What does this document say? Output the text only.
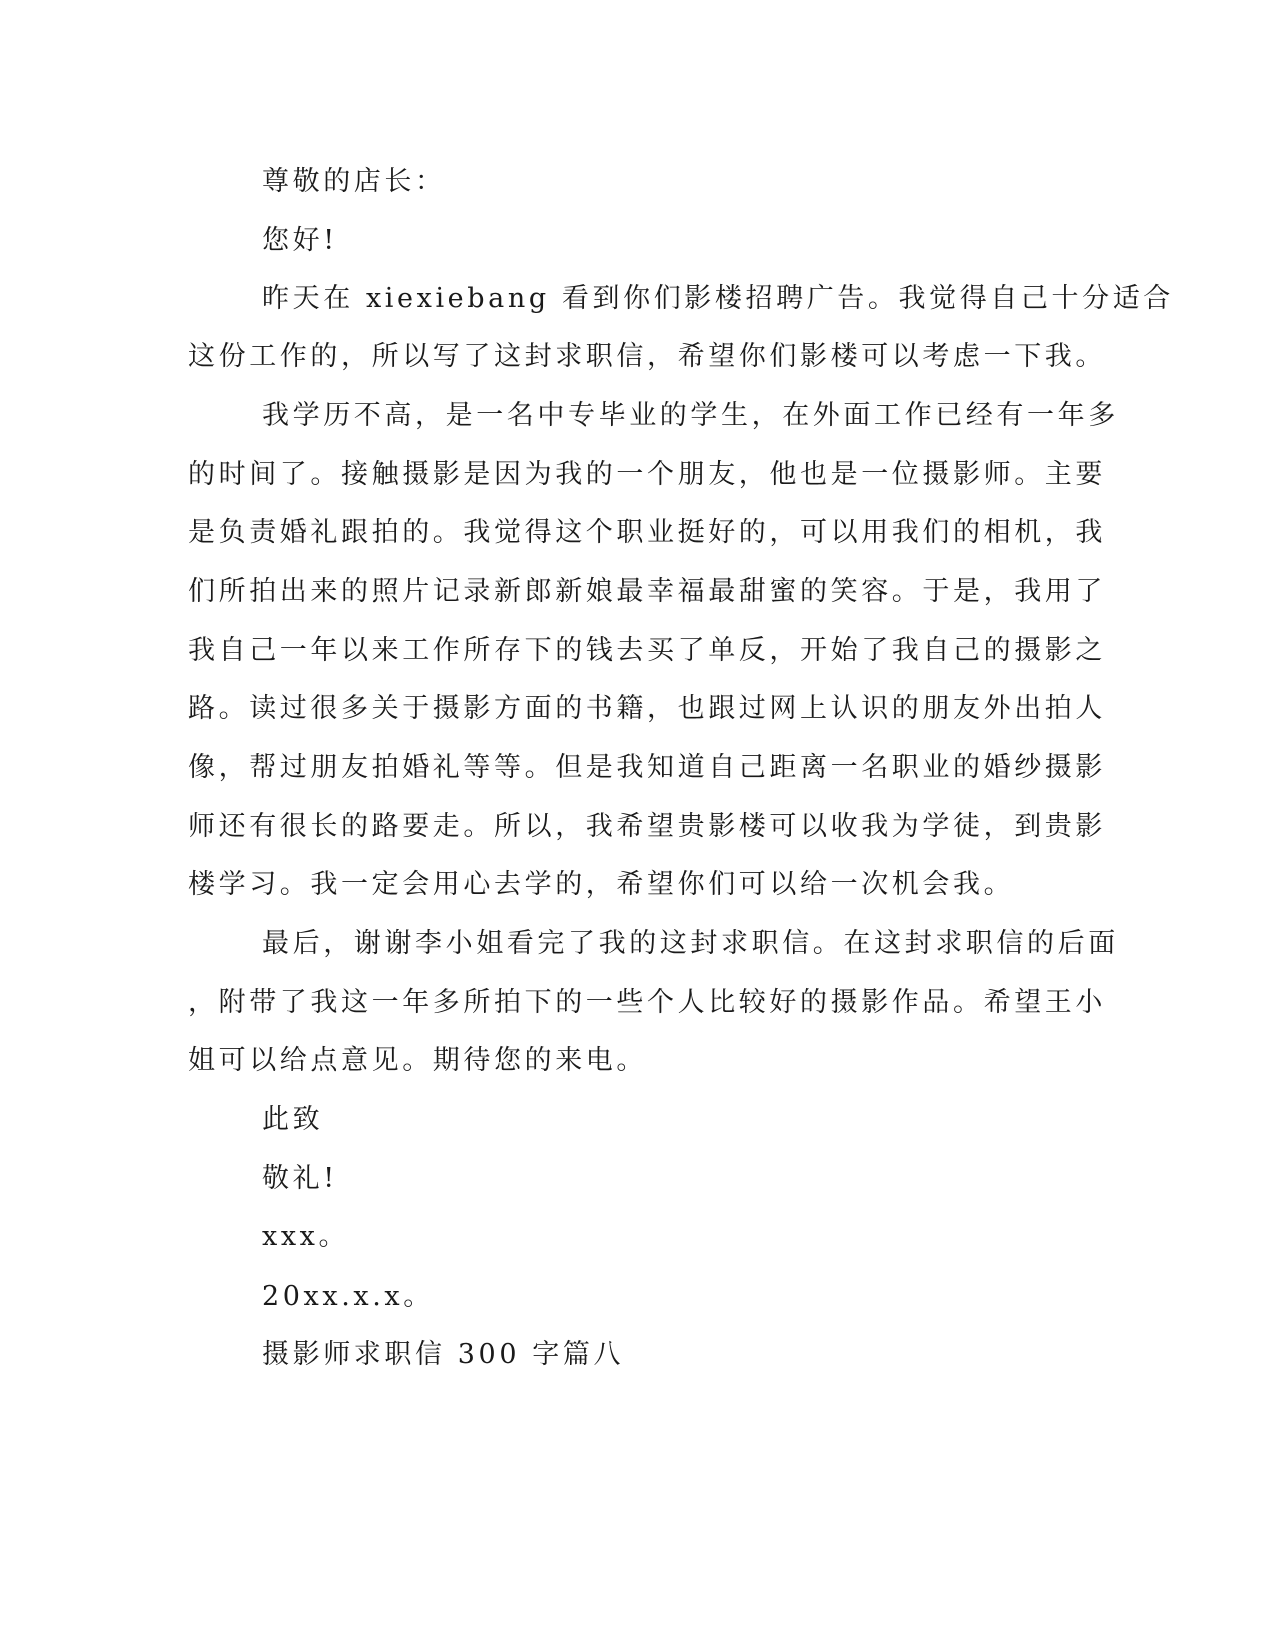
尊敬的店长：

您好!

昨天在 xiexiebang 看到你们影楼招聘广告。我觉得自己十分适合

这份工作的，所以写了这封求职信，希望你们影楼可以考虑一下我。

我学历不高，是一名中专毕业的学生，在外面工作已经有一年多

的时间了。接触摄影是因为我的一个朋友，他也是一位摄影师。主要

是负责婚礼跟拍的。我觉得这个职业挺好的，可以用我们的相机，我

们所拍出来的照片记录新郎新娘最幸福最甜蜜的笑容。于是，我用了

我自己一年以来工作所存下的钱去买了单反，开始了我自己的摄影之

路。读过很多关于摄影方面的书籍，也跟过网上认识的朋友外出拍人

像，帮过朋友拍婚礼等等。但是我知道自己距离一名职业的婚纱摄影

师还有很长的路要走。所以，我希望贵影楼可以收我为学徒，到贵影

楼学习。我一定会用心去学的，希望你们可以给一次机会我。

最后，谢谢李小姐看完了我的这封求职信。在这封求职信的后面

，附带了我这一年多所拍下的一些个人比较好的摄影作品。希望王小

姐可以给点意见。期待您的来电。

此致

敬礼!

xxx。

20xx.x.x。

摄影师求职信 300 字篇八
